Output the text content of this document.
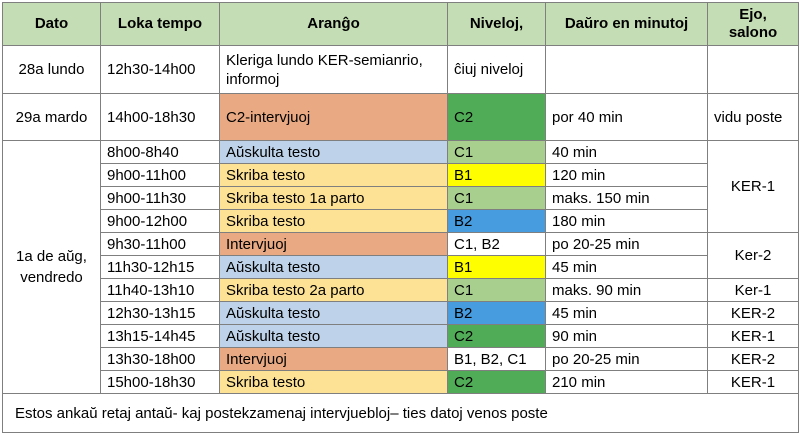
Dato	Loka tempo	Aranĝo	Niveloj,	Daŭro en minutoj	Ejo, salono
28a lundo	12h30-14h00	Kleriga lundo KER-semianrio, informoj	ĉiuj niveloj		
29a mardo	14h00-18h30	C2-intervjuoj	C2	por 40 min	vidu poste
1a de aŭg, vendredo	8h00-8h40	Aŭskulta testo	C1	40 min	KER-1
	9h00-11h00	Skriba testo	B1	120 min	
	9h00-11h30	Skriba testo 1a parto	C1	maks. 150 min	
	9h00-12h00	Skriba testo	B2	180 min	
	9h30-11h00	Intervjuoj	C1, B2	po 20-25 min	Ker-2
	11h30-12h15	Aŭskulta testo	B1	45 min	
	11h40-13h10	Skriba testo 2a parto	C1	maks. 90 min	Ker-1
	12h30-13h15	Aŭskulta testo	B2	45 min	KER-2
	13h15-14h45	Aŭskulta testo	C2	90 min	KER-1
	13h30-18h00	Intervjuoj	B1, B2, C1	po 20-25 min	KER-2
	15h00-18h30	Skriba testo	C2	210 min	KER-1
Estos ankaŭ retaj antaŭ- kaj postekzamenaj intervjuebloj– ties datoj venos poste					
